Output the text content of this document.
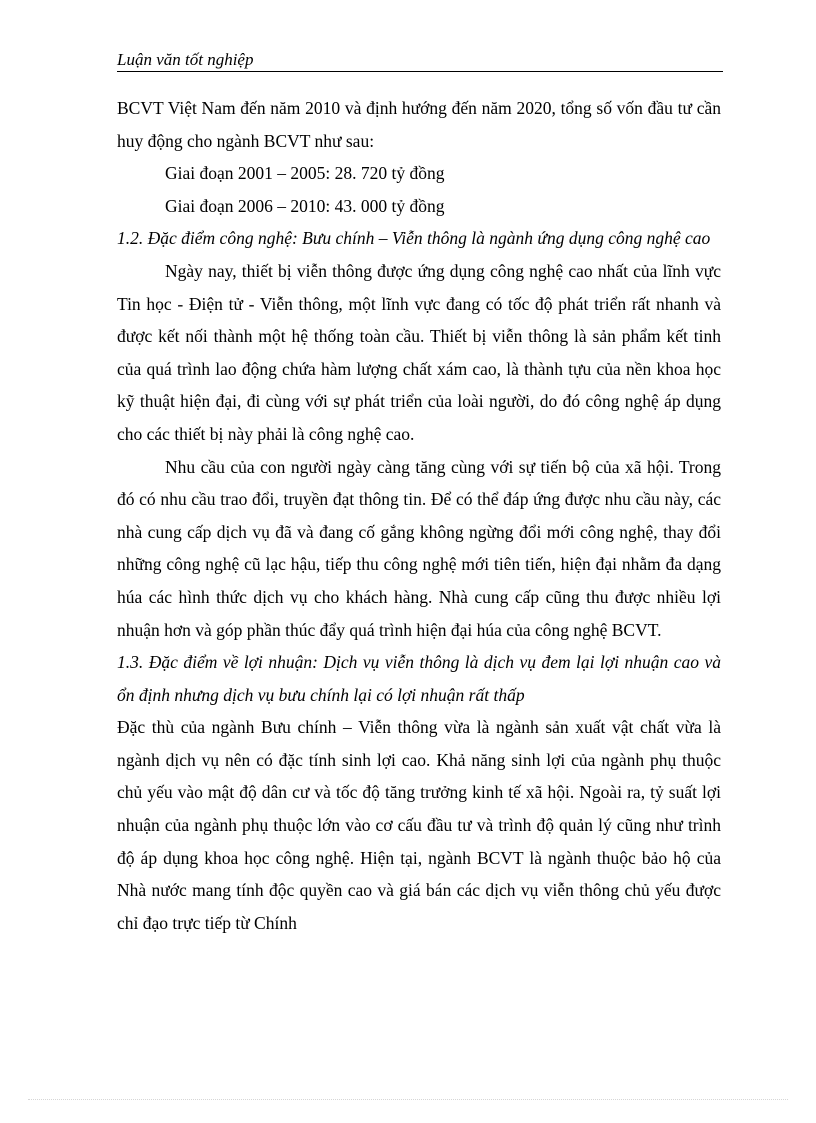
Luận văn tốt nghiệp

BCVT Việt Nam đến năm 2010 và định hướng đến năm 2020, tổng số vốn đầu tư cần huy động cho ngành BCVT như sau:

Giai đoạn 2001 – 2005: 28. 720 tỷ đồng

Giai đoạn 2006 – 2010: 43. 000 tỷ đồng

1.2. Đặc điểm công nghệ: Bưu chính – Viễn thông là ngành ứng dụng công nghệ cao

Ngày nay, thiết bị viễn thông được ứng dụng công nghệ cao nhất của lĩnh vực Tin học - Điện tử - Viễn thông, một lĩnh vực đang có tốc độ phát triển rất nhanh và được kết nối thành một hệ thống toàn cầu. Thiết bị viễn thông là sản phẩm kết tinh của quá trình lao động chứa hàm lượng chất xám cao, là thành tựu của nền khoa học kỹ thuật hiện đại, đi cùng với sự phát triển của loài người, do đó công nghệ áp dụng cho các thiết bị này phải là công nghệ cao.

Nhu cầu của con người ngày càng tăng cùng với sự tiến bộ của xã hội. Trong đó có nhu cầu trao đổi, truyền đạt thông tin. Để có thể đáp ứng được nhu cầu này, các nhà cung cấp dịch vụ đã và đang cố gắng không ngừng đổi mới công nghệ, thay đổi những công nghệ cũ lạc hậu, tiếp thu công nghệ mới tiên tiến, hiện đại nhằm đa dạng húa các hình thức dịch vụ cho khách hàng. Nhà cung cấp cũng thu được nhiều lợi nhuận hơn và góp phần thúc đẩy quá trình hiện đại húa của công nghệ BCVT.

1.3. Đặc điểm về lợi nhuận: Dịch vụ viễn thông là dịch vụ đem lại lợi nhuận cao và ổn định nhưng dịch vụ bưu chính lại có lợi nhuận rất thấp

Đặc thù của ngành Bưu chính – Viễn thông vừa là ngành sản xuất vật chất vừa là ngành dịch vụ nên có đặc tính sinh lợi cao. Khả năng sinh lợi của ngành phụ thuộc chủ yếu vào mật độ dân cư và tốc độ tăng trưởng kinh tế xã hội. Ngoài ra, tỷ suất lợi nhuận của ngành phụ thuộc lớn vào cơ cấu đầu tư và trình độ quản lý cũng như trình độ áp dụng khoa học công nghệ. Hiện tại, ngành BCVT là ngành thuộc bảo hộ của Nhà nước mang tính độc quyền cao và giá bán các dịch vụ viễn thông chủ yếu được chỉ đạo trực tiếp từ Chính
